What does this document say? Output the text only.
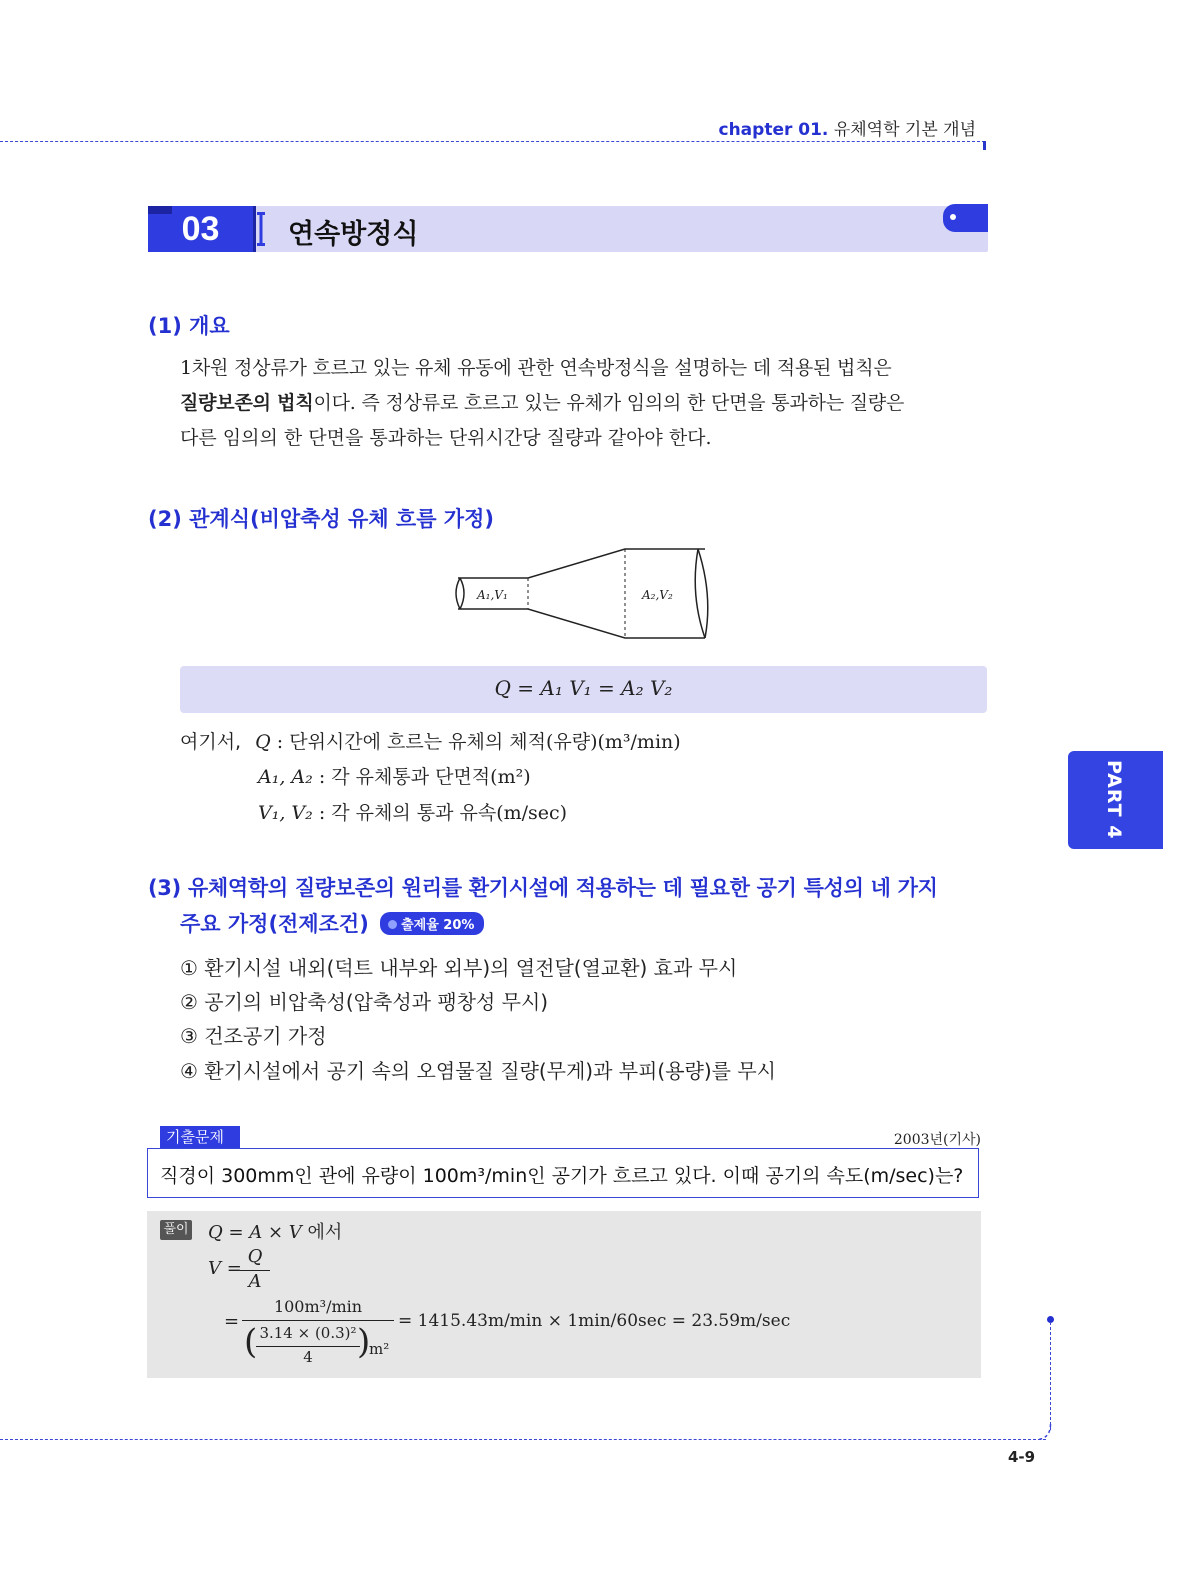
chapter 01. 유체역학 기본 개념
03	연속방정식
(1) 개요
1차원 정상류가 흐르고 있는 유체 유동에 관한 연속방정식을 설명하는 데 적용된 법칙은
질량보존의 법칙이다. 즉 정상류로 흐르고 있는 유체가 임의의 한 단면을 통과하는 질량은
다른 임의의 한 단면을 통과하는 단위시간당 질량과 같아야 한다.
(2) 관계식(비압축성 유체 흐름 가정)
A₁,V₁	A₂,V₂
Q = A₁ V₁ = A₂ V₂
여기서, Q : 단위시간에 흐르는 유체의 체적(유량)(m³/min)
A₁, A₂ : 각 유체통과 단면적(m²)
V₁, V₂ : 각 유체의 통과 유속(m/sec)	PART 4
(3) 유체역학의 질량보존의 원리를 환기시설에 적용하는 데 필요한 공기 특성의 네 가지
주요 가정(전제조건) 출제율 20%
① 환기시설 내외(덕트 내부와 외부)의 열전달(열교환) 효과 무시
② 공기의 비압축성(압축성과 팽창성 무시)
③ 건조공기 가정
④ 환기시설에서 공기 속의 오염물질 질량(무게)과 부피(용량)를 무시
기출문제	2003년(기사)
직경이 300mm인 관에 유량이 100m³/min인 공기가 흐르고 있다. 이때 공기의 속도(m/sec)는?
풀이 Q = A × V 에서
V =
Q
A
=
100m³/min
( 3.14 × (0.3)²
4	)
m²
= 1415.43m/min × 1min/60sec = 23.59m/sec
4-9
